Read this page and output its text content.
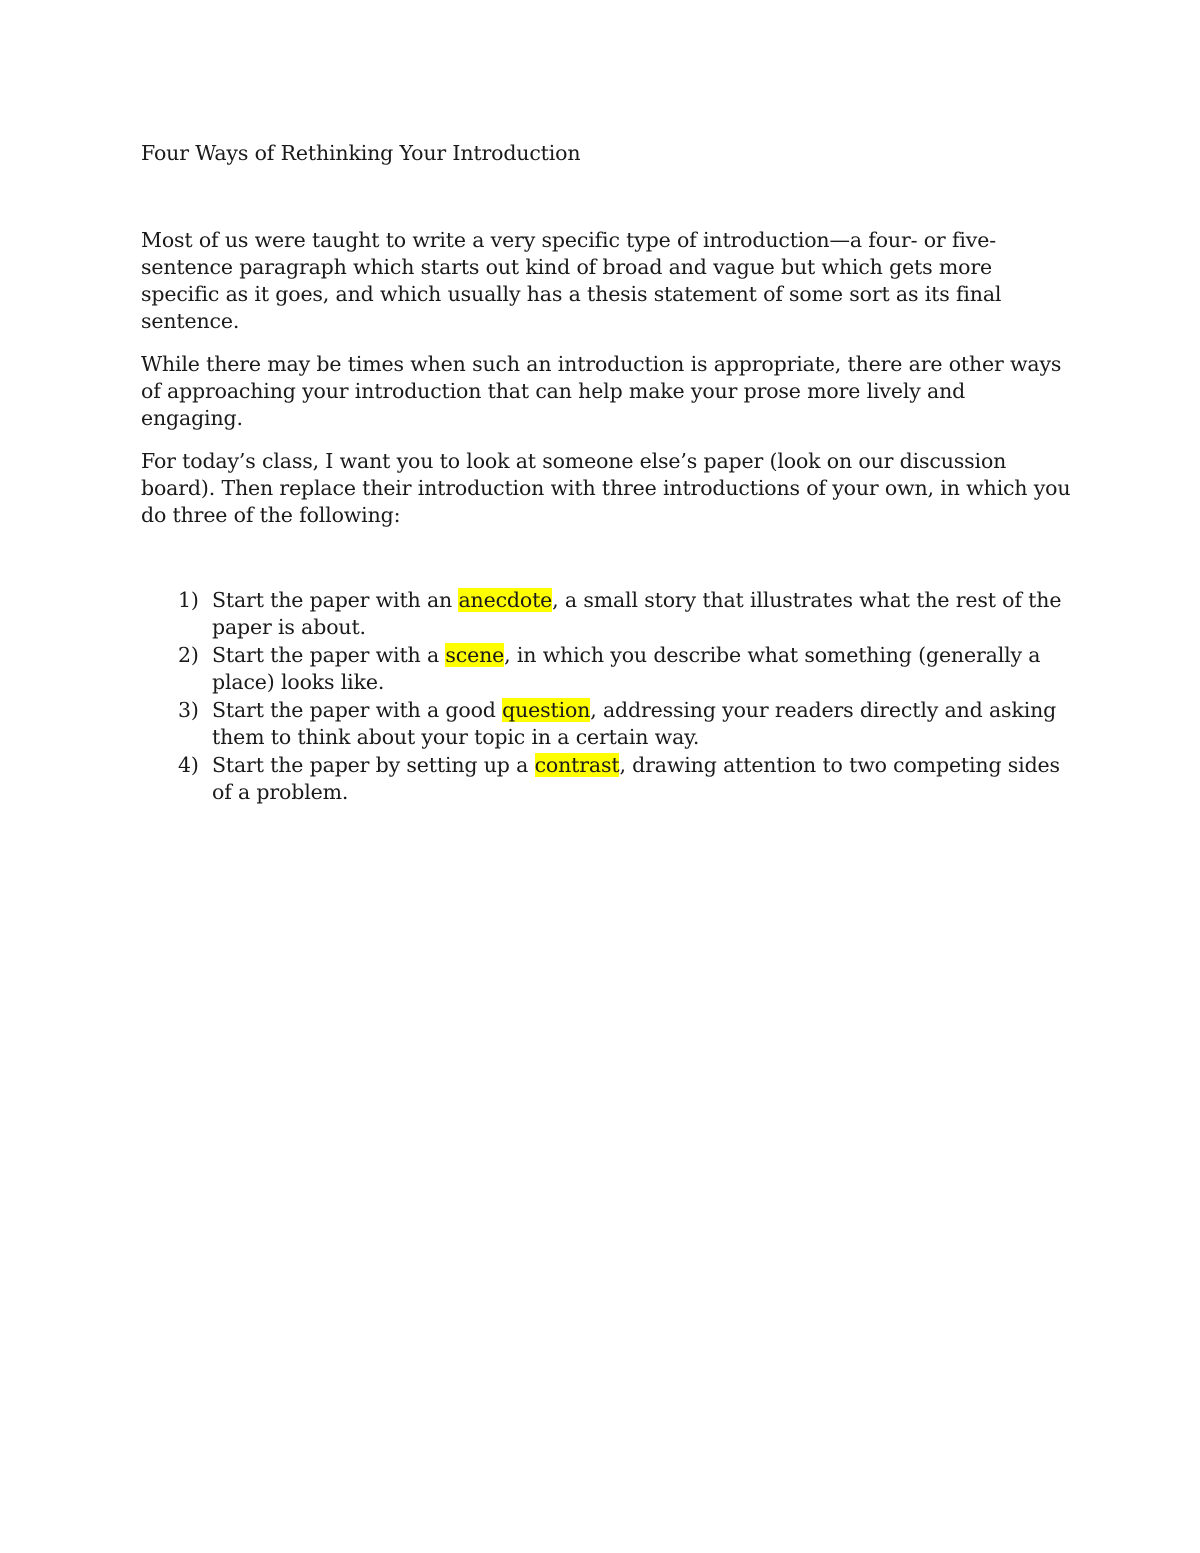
Four Ways of Rethinking Your Introduction

Most of us were taught to write a very specific type of introduction—a four- or five-sentence paragraph which starts out kind of broad and vague but which gets more specific as it goes, and which usually has a thesis statement of some sort as its final sentence.

While there may be times when such an introduction is appropriate, there are other ways of approaching your introduction that can help make your prose more lively and engaging.

For today’s class, I want you to look at someone else’s paper (look on our discussion board). Then replace their introduction with three introductions of your own, in which you do three of the following:

1) Start the paper with an anecdote, a small story that illustrates what the rest of the paper is about.
2) Start the paper with a scene, in which you describe what something (generally a place) looks like.
3) Start the paper with a good question, addressing your readers directly and asking them to think about your topic in a certain way.
4) Start the paper by setting up a contrast, drawing attention to two competing sides of a problem.
